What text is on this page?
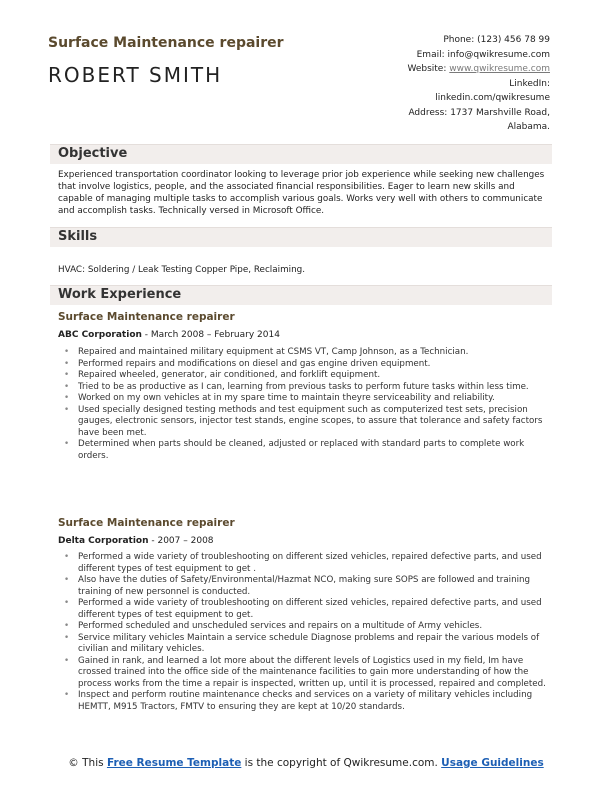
Surface Maintenance repairer
ROBERT SMITH
Phone: (123) 456 78 99
Email: info@qwikresume.com
Website: www.qwikresume.com
LinkedIn:
linkedin.com/qwikresume
Address: 1737 Marshville Road,
Alabama.
Objective
Experienced transportation coordinator looking to leverage prior job experience while seeking new challenges that involve logistics, people, and the associated financial responsibilities. Eager to learn new skills and capable of managing multiple tasks to accomplish various goals. Works very well with others to communicate and accomplish tasks. Technically versed in Microsoft Office.
Skills
HVAC: Soldering / Leak Testing Copper Pipe, Reclaiming.
Work Experience
Surface Maintenance repairer
ABC Corporation - March 2008 – February 2014
• Repaired and maintained military equipment at CSMS VT, Camp Johnson, as a Technician.
• Performed repairs and modifications on diesel and gas engine driven equipment.
• Repaired wheeled, generator, air conditioned, and forklift equipment.
• Tried to be as productive as I can, learning from previous tasks to perform future tasks within less time.
• Worked on my own vehicles at in my spare time to maintain theyre serviceability and reliability.
• Used specially designed testing methods and test equipment such as computerized test sets, precision gauges, electronic sensors, injector test stands, engine scopes, to assure that tolerance and safety factors have been met.
• Determined when parts should be cleaned, adjusted or replaced with standard parts to complete work orders.
Surface Maintenance repairer
Delta Corporation - 2007 – 2008
• Performed a wide variety of troubleshooting on different sized vehicles, repaired defective parts, and used different types of test equipment to get .
• Also have the duties of Safety/Environmental/Hazmat NCO, making sure SOPS are followed and training training of new personnel is conducted.
• Performed a wide variety of troubleshooting on different sized vehicles, repaired defective parts, and used different types of test equipment to get.
• Performed scheduled and unscheduled services and repairs on a multitude of Army vehicles.
• Service military vehicles Maintain a service schedule Diagnose problems and repair the various models of civilian and military vehicles.
• Gained in rank, and learned a lot more about the different levels of Logistics used in my field, Im have crossed trained into the office side of the maintenance facilities to gain more understanding of how the process works from the time a repair is inspected, written up, until it is processed, repaired and completed.
• Inspect and perform routine maintenance checks and services on a variety of military vehicles including HEMTT, M915 Tractors, FMTV to ensuring they are kept at 10/20 standards.
© This Free Resume Template is the copyright of Qwikresume.com. Usage Guidelines
